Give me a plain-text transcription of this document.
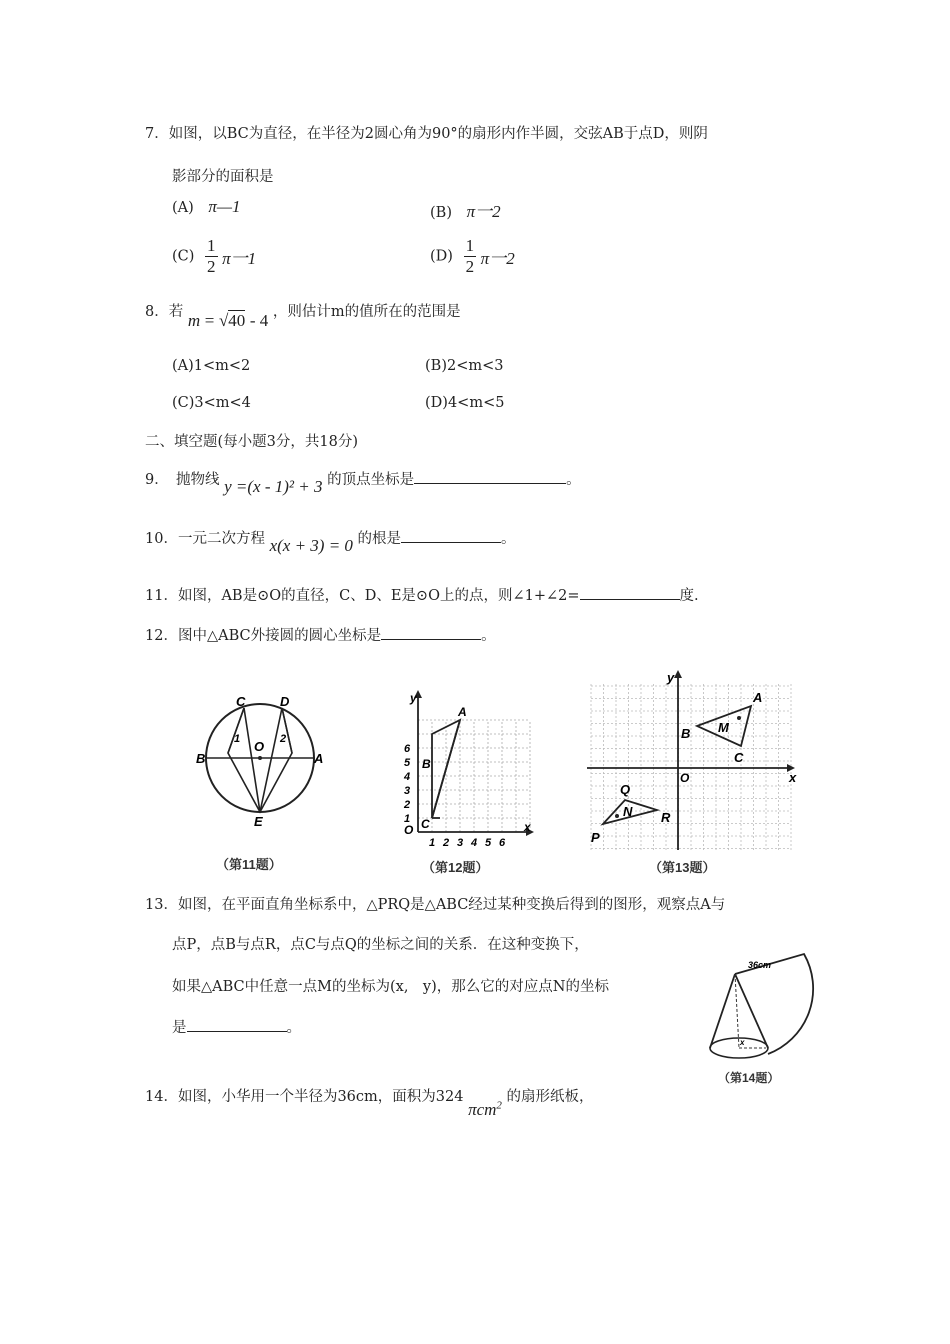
7．如图，以BC为直径，在半径为2圆心角为90°的扇形内作半圆，交弦AB于点D，则阴
影部分的面积是
(A) π—1	(B) π一2
$(C) \frac{1}{2}$ π一1	$(D) \frac{1}{2}$ π一2
8．若 m = √40 - 4 ，则估计m的值所在的范围是
(A)1<m<2	(B)2<m<3
(C)3<m<4	(D)4<m<5
二、填空题(每小题3分，共18分)
9．　抛物线 y =(x - 1)² + 3 的顶点坐标是	。
10．一元二次方程 x(x + 3) = 0 的根是	。
11．如图，AB是⊙O的直径，C、D、E是⊙O上的点，则∠1+∠2=	度.
12．图中△ABC外接圆的圆心坐标是	。
C	D
B	A
O
E
1	2
（第11题）
y
x
O
1
2
3
4
5
6
1 2 3 4 5 6
A
B
C
（第12题）
y
x
O
A
B
C
M
P
Q
R
N
（第13题）
13．如图，在平面直角坐标系中，△PRQ是△ABC经过某种变换后得到的图形，观察点A与
点P，点B与点R，点C与点Q的坐标之间的关系．在这种变换下，
如果△ABC中任意一点M的坐标为(x,　y)，那么它的对应点N的坐标
是	。
36cm
x
（第14题）
14．如图，小华用一个半径为36cm，面积为324 πcm$^2$ 的扇形纸板，
